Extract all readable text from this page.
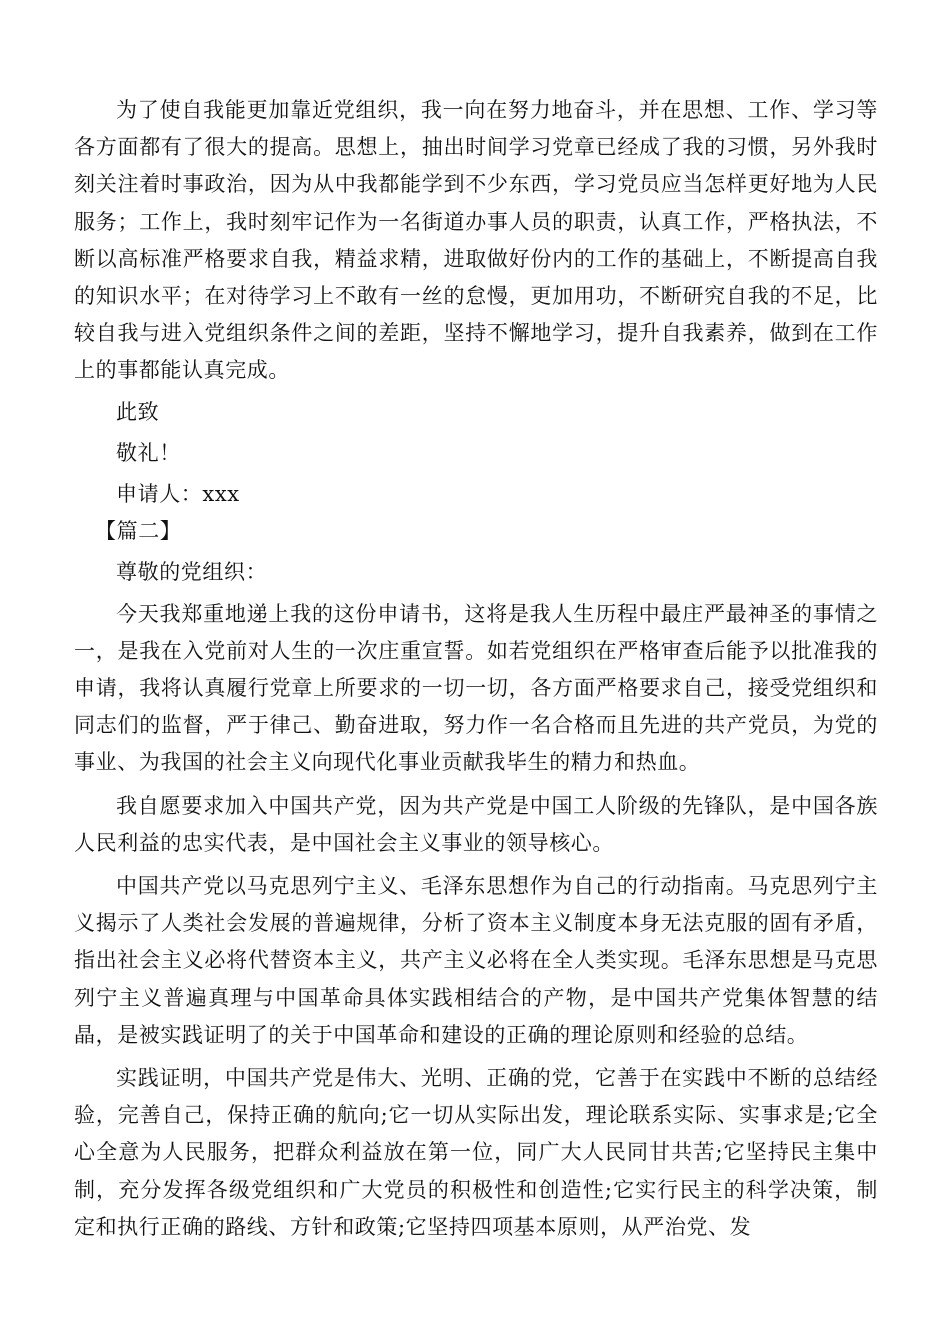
为了使自我能更加靠近党组织，我一向在努力地奋斗，并在思想、工作、学习等各方面都有了很大的提高。思想上，抽出时间学习党章已经成了我的习惯，另外我时刻关注着时事政治，因为从中我都能学到不少东西，学习党员应当怎样更好地为人民服务；工作上，我时刻牢记作为一名街道办事人员的职责，认真工作，严格执法，不断以高标准严格要求自我，精益求精，进取做好份内的工作的基础上，不断提高自我的知识水平；在对待学习上不敢有一丝的怠慢，更加用功，不断研究自我的不足，比较自我与进入党组织条件之间的差距，坚持不懈地学习，提升自我素养，做到在工作上的事都能认真完成。

此致

敬礼！

申请人：xxx

【篇二】

尊敬的党组织：

今天我郑重地递上我的这份申请书，这将是我人生历程中最庄严最神圣的事情之一，是我在入党前对人生的一次庄重宣誓。如若党组织在严格审查后能予以批准我的申请，我将认真履行党章上所要求的一切一切，各方面严格要求自己，接受党组织和同志们的监督，严于律己、勤奋进取，努力作一名合格而且先进的共产党员，为党的事业、为我国的社会主义向现代化事业贡献我毕生的精力和热血。

我自愿要求加入中国共产党，因为共产党是中国工人阶级的先锋队，是中国各族人民利益的忠实代表，是中国社会主义事业的领导核心。

中国共产党以马克思列宁主义、毛泽东思想作为自己的行动指南。马克思列宁主义揭示了人类社会发展的普遍规律，分析了资本主义制度本身无法克服的固有矛盾，指出社会主义必将代替资本主义，共产主义必将在全人类实现。毛泽东思想是马克思列宁主义普遍真理与中国革命具体实践相结合的产物，是中国共产党集体智慧的结晶，是被实践证明了的关于中国革命和建设的正确的理论原则和经验的总结。

实践证明，中国共产党是伟大、光明、正确的党，它善于在实践中不断的总结经验，完善自己，保持正确的航向;它一切从实际出发，理论联系实际、实事求是;它全心全意为人民服务，把群众利益放在第一位，同广大人民同甘共苦;它坚持民主集中制，充分发挥各级党组织和广大党员的积极性和创造性;它实行民主的科学决策，制定和执行正确的路线、方针和政策;它坚持四项基本原则，从严治党、发
